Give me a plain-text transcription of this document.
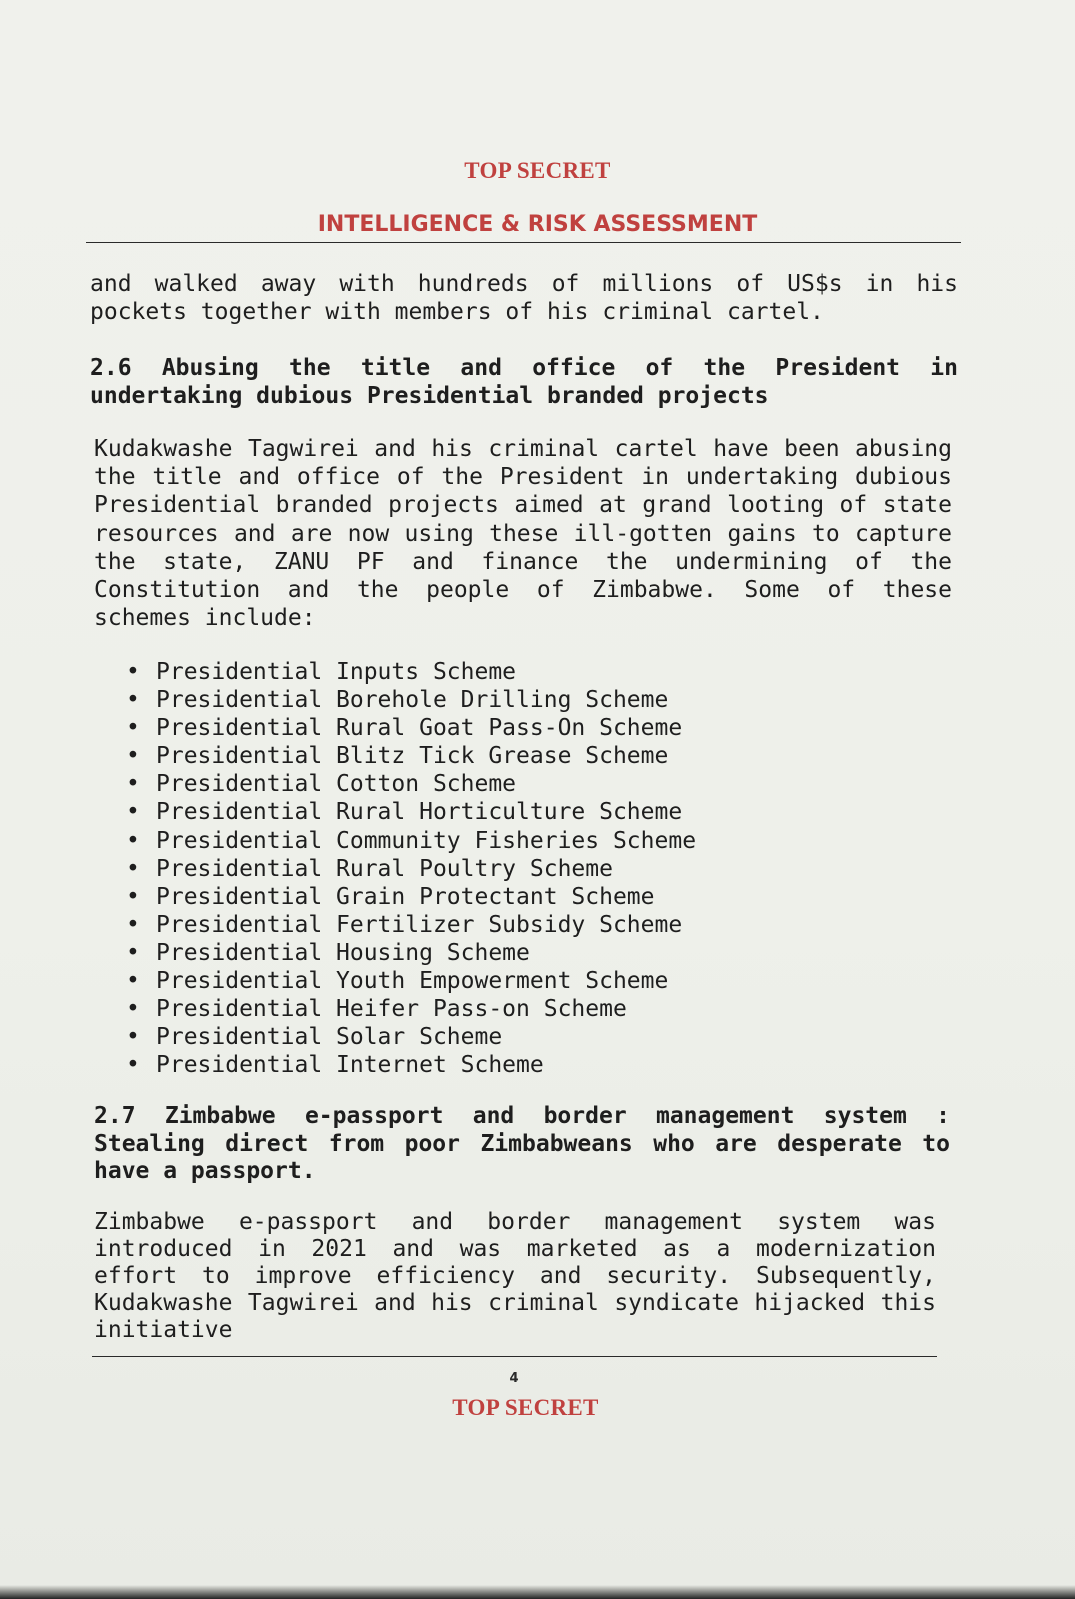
TOP SECRET
INTELLIGENCE & RISK ASSESSMENT

and walked away with hundreds of millions of US$s in his pockets together with members of his criminal cartel.

2.6 Abusing the title and office of the President in undertaking dubious Presidential branded projects

Kudakwashe Tagwirei and his criminal cartel have been abusing the title and office of the President in undertaking dubious Presidential branded projects aimed at grand looting of state resources and are now using these ill-gotten gains to capture the state, ZANU PF and finance the undermining of the Constitution and the people of Zimbabwe. Some of these schemes include:

• Presidential Inputs Scheme
• Presidential Borehole Drilling Scheme
• Presidential Rural Goat Pass-On Scheme
• Presidential Blitz Tick Grease Scheme
• Presidential Cotton Scheme
• Presidential Rural Horticulture Scheme
• Presidential Community Fisheries Scheme
• Presidential Rural Poultry Scheme
• Presidential Grain Protectant Scheme
• Presidential Fertilizer Subsidy Scheme
• Presidential Housing Scheme
• Presidential Youth Empowerment Scheme
• Presidential Heifer Pass-on Scheme
• Presidential Solar Scheme
• Presidential Internet Scheme

2.7 Zimbabwe e-passport and border management system : Stealing direct from poor Zimbabweans who are desperate to have a passport.

Zimbabwe e-passport and border management system was introduced in 2021 and was marketed as a modernization effort to improve efficiency and security. Subsequently, Kudakwashe Tagwirei and his criminal syndicate hijacked this initiative

4
TOP SECRET
